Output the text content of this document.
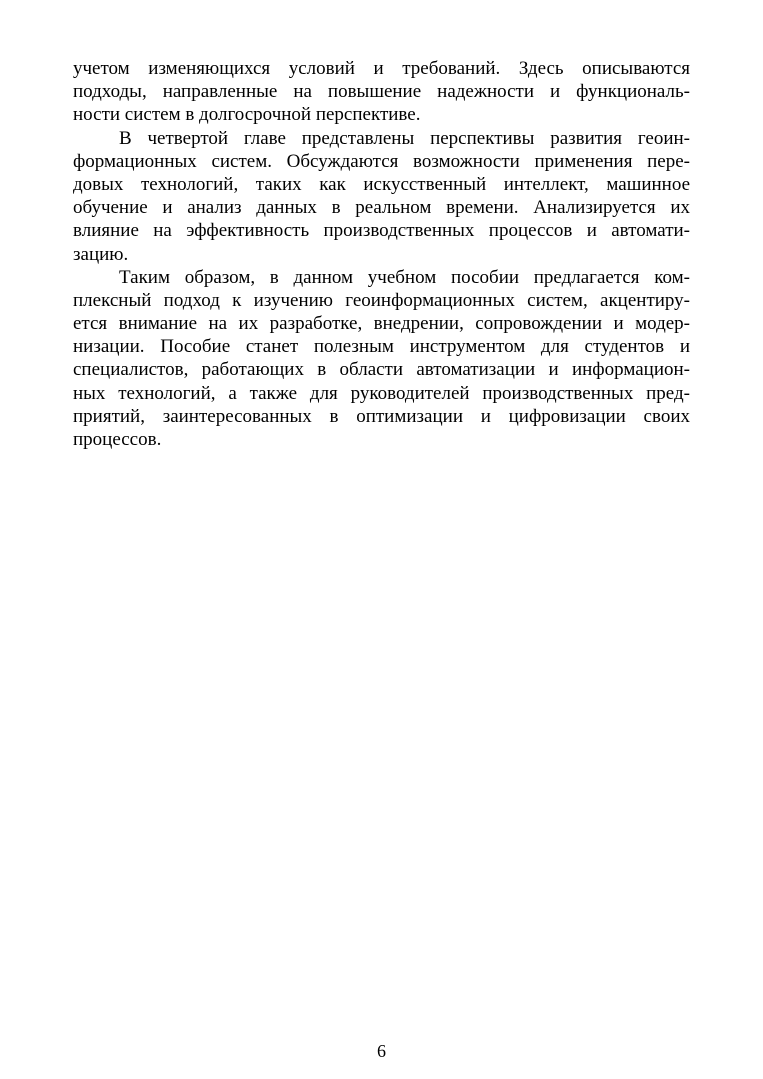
учетом изменяющихся условий и требований. Здесь описываются
подходы, направленные на повышение надежности и функциональ-
ности систем в долгосрочной перспективе.
В четвертой главе представлены перспективы развития геоин-
формационных систем. Обсуждаются возможности применения пере-
довых технологий, таких как искусственный интеллект, машинное
обучение и анализ данных в реальном времени. Анализируется их
влияние на эффективность производственных процессов и автомати-
зацию.
Таким образом, в данном учебном пособии предлагается ком-
плексный подход к изучению геоинформационных систем, акцентиру-
ется внимание на их разработке, внедрении, сопровождении и модер-
низации. Пособие станет полезным инструментом для студентов и
специалистов, работающих в области автоматизации и информацион-
ных технологий, а также для руководителей производственных пред-
приятий, заинтересованных в оптимизации и цифровизации своих
процессов.
6
